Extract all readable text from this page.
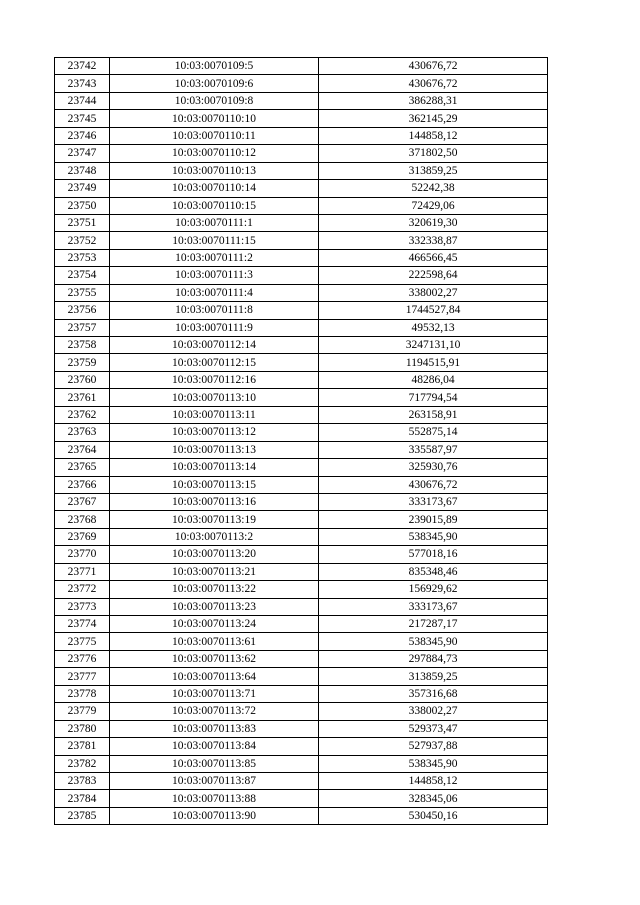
23742	10:03:0070109:5	430676,72
23743	10:03:0070109:6	430676,72
23744	10:03:0070109:8	386288,31
23745	10:03:0070110:10	362145,29
23746	10:03:0070110:11	144858,12
23747	10:03:0070110:12	371802,50
23748	10:03:0070110:13	313859,25
23749	10:03:0070110:14	52242,38
23750	10:03:0070110:15	72429,06
23751	10:03:0070111:1	320619,30
23752	10:03:0070111:15	332338,87
23753	10:03:0070111:2	466566,45
23754	10:03:0070111:3	222598,64
23755	10:03:0070111:4	338002,27
23756	10:03:0070111:8	1744527,84
23757	10:03:0070111:9	49532,13
23758	10:03:0070112:14	3247131,10
23759	10:03:0070112:15	1194515,91
23760	10:03:0070112:16	48286,04
23761	10:03:0070113:10	717794,54
23762	10:03:0070113:11	263158,91
23763	10:03:0070113:12	552875,14
23764	10:03:0070113:13	335587,97
23765	10:03:0070113:14	325930,76
23766	10:03:0070113:15	430676,72
23767	10:03:0070113:16	333173,67
23768	10:03:0070113:19	239015,89
23769	10:03:0070113:2	538345,90
23770	10:03:0070113:20	577018,16
23771	10:03:0070113:21	835348,46
23772	10:03:0070113:22	156929,62
23773	10:03:0070113:23	333173,67
23774	10:03:0070113:24	217287,17
23775	10:03:0070113:61	538345,90
23776	10:03:0070113:62	297884,73
23777	10:03:0070113:64	313859,25
23778	10:03:0070113:71	357316,68
23779	10:03:0070113:72	338002,27
23780	10:03:0070113:83	529373,47
23781	10:03:0070113:84	527937,88
23782	10:03:0070113:85	538345,90
23783	10:03:0070113:87	144858,12
23784	10:03:0070113:88	328345,06
23785	10:03:0070113:90	530450,16
